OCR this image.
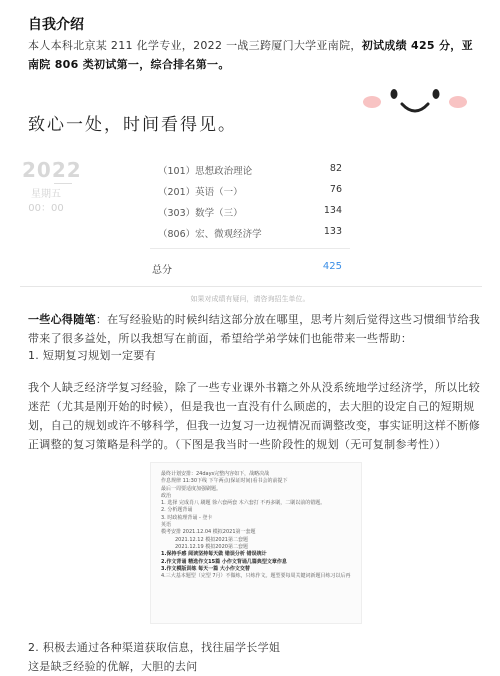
自我介绍
本人本科北京某 211 化学专业，2022 一战三跨厦门大学亚南院，初试成绩 425 分，亚南院 806 类初试第一，综合排名第一。
致心一处，时间看得见。
2022
星期五
00：00
（101）思想政治理论	82
（201）英语（一）	76
（303）数学（三）	134
（806）宏、微观经济学	133
总分	425
如果对成绩有疑问，请咨询招生单位。
一些心得随笔：在写经验贴的时候纠结这部分放在哪里，思考片刻后觉得这些习惯细节给我带来了很多益处，所以我想写在前面，希望给学弟学妹们也能带来一些帮助：
1. 短期复习规划一定要有
我个人缺乏经济学复习经验，除了一些专业课外书籍之外从没系统地学过经济学，所以比较迷茫（尤其是刚开始的时候），但是我也一直没有什么顾虑的，去大胆的设定自己的短期规划，自己的规划或许不够科学，但我一边复习一边视情况而调整改变，事实证明这样不断修正调整的复习策略是科学的。（下图是我当时一些阶段性的规划（无可复制参考性））
最终计划安排：24days完整内容如下，战略决战
作息规律 11:30下线 下午两点(保证时间)看书会的前提下
最后一周要适度加强刷题。
政治
1. 选择 完成肖八 刷题 徐六套两套 木六套打 不再多刷，二刷以前的错题。
2. 分析题背诵
3. 时政梳理背诵 - 登卡
英语
模考安排 2021.12.04 模拟2021第一套题
2021.12.12 模拟2021第二套题
2021.12.19 模拟2020第二套题
1.保持手感 阅读坚持每天做 错误分析 错误统计
2.作文背诵 精选作文15篇 小作文背诵几篇典型文章作息
3.作文模版训练 每天一篇 大小作文交替
4.三大基本题型（完型 7月）不做练，只练作文。题型要每周关键词新题目练习以后再
2. 积极去通过各种渠道获取信息，找往届学长学姐
这是缺乏经验的优解，大胆的去问
